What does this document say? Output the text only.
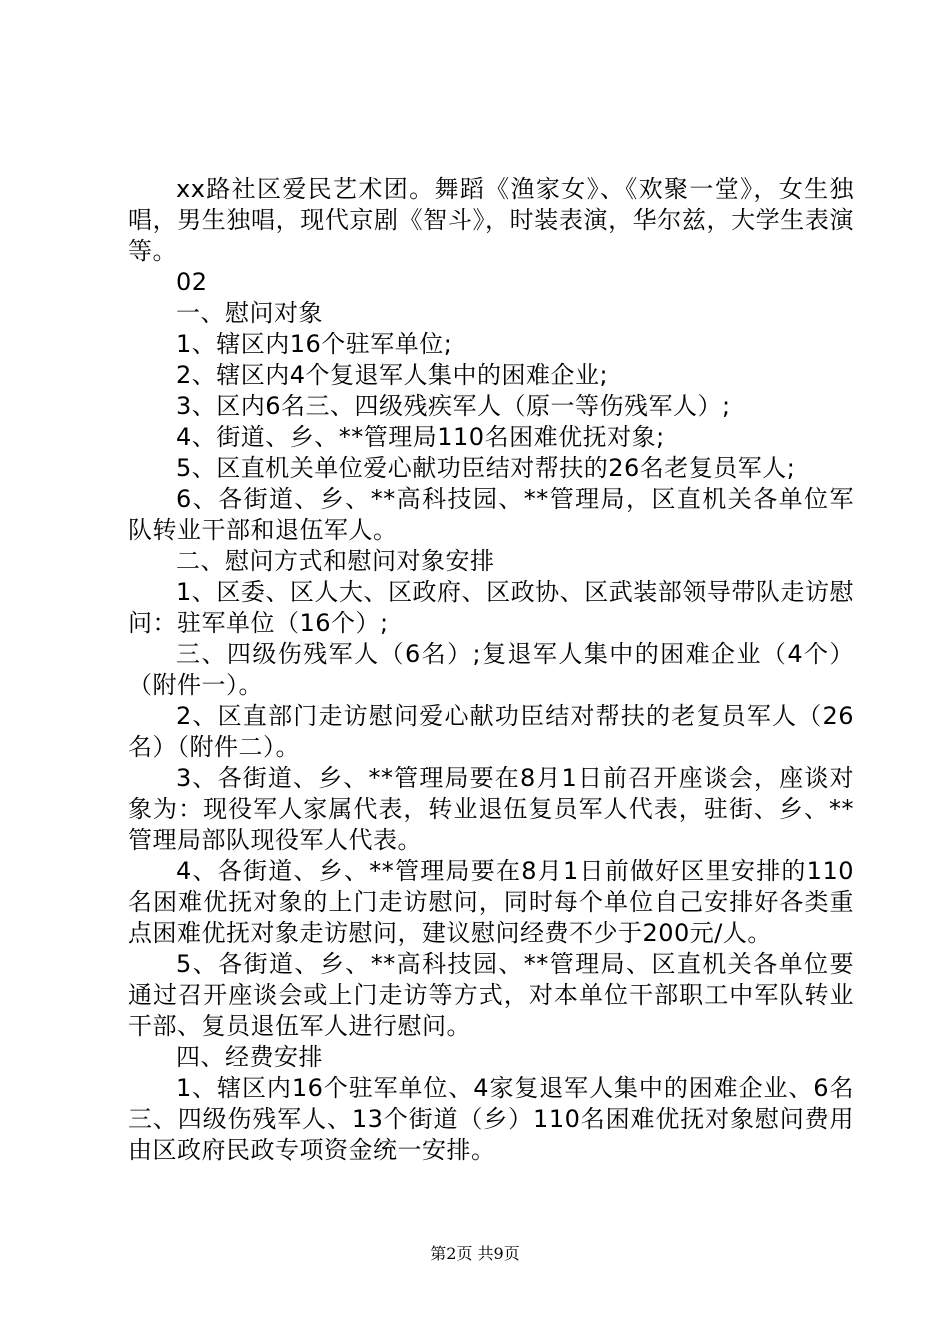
xx路社区爱民艺术团。舞蹈《渔家女》、《欢聚一堂》，女生独唱，男生独唱，现代京剧《智斗》，时装表演，华尔兹，大学生表演等。

02

一、慰问对象

1、辖区内16个驻军单位;

2、辖区内4个复退军人集中的困难企业;

3、区内6名三、四级残疾军人（原一等伤残军人）;

4、街道、乡、**管理局110名困难优抚对象;

5、区直机关单位爱心献功臣结对帮扶的26名老复员军人;

6、各街道、乡、**高科技园、**管理局，区直机关各单位军队转业干部和退伍军人。

二、慰问方式和慰问对象安排

1、区委、区人大、区政府、区政协、区武装部领导带队走访慰问：驻军单位（16个）;

三、四级伤残军人（6名）;复退军人集中的困难企业（4个）（附件一）。

2、区直部门走访慰问爱心献功臣结对帮扶的老复员军人（26名）（附件二）。

3、各街道、乡、**管理局要在8月1日前召开座谈会，座谈对象为：现役军人家属代表，转业退伍复员军人代表，驻街、乡、**管理局部队现役军人代表。

4、各街道、乡、**管理局要在8月1日前做好区里安排的110名困难优抚对象的上门走访慰问，同时每个单位自己安排好各类重点困难优抚对象走访慰问，建议慰问经费不少于200元/人。

5、各街道、乡、**高科技园、**管理局、区直机关各单位要通过召开座谈会或上门走访等方式，对本单位干部职工中军队转业干部、复员退伍军人进行慰问。

四、经费安排

1、辖区内16个驻军单位、4家复退军人集中的困难企业、6名三、四级伤残军人、13个街道（乡）110名困难优抚对象慰问费用由区政府民政专项资金统一安排。

第2页 共9页
